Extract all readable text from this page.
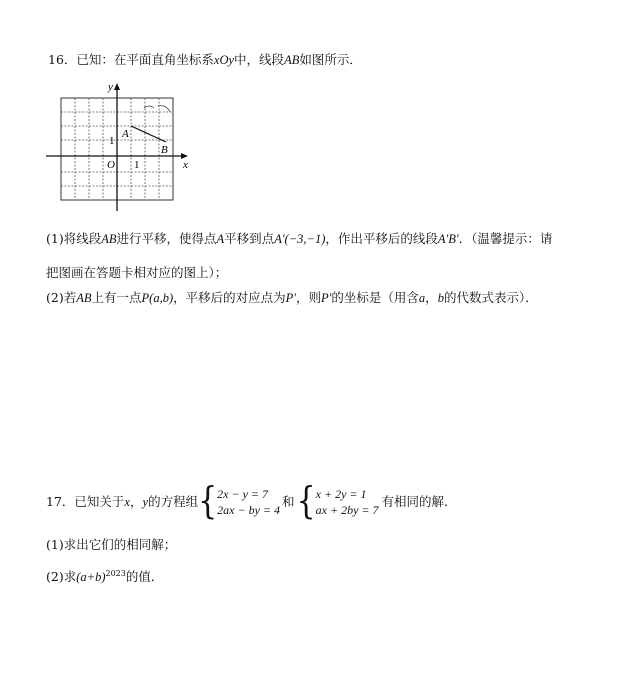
16．已知：在平面直角坐标系xOy中，线段AB如图所示．
y
x
O 1
1
A
B
(1)将线段AB进行平移，使得点A平移到点A′(−3,−1)，作出平移后的线段A′B′．（温馨提示：请
把图画在答题卡相对应的图上）；
(2)若AB上有一点P(a,b)，平移后的对应点为P′，则P′的坐标是（用含a，b的代数式表示）．
17．已知关于x，y的方程组{ 2x − y = 7
2ax − by = 4
和{ x + 2y = 1
ax + 2by = 7
有相同的解．
(1)求出它们的相同解；
(2)求$(a+b)^{2023}$的值．
